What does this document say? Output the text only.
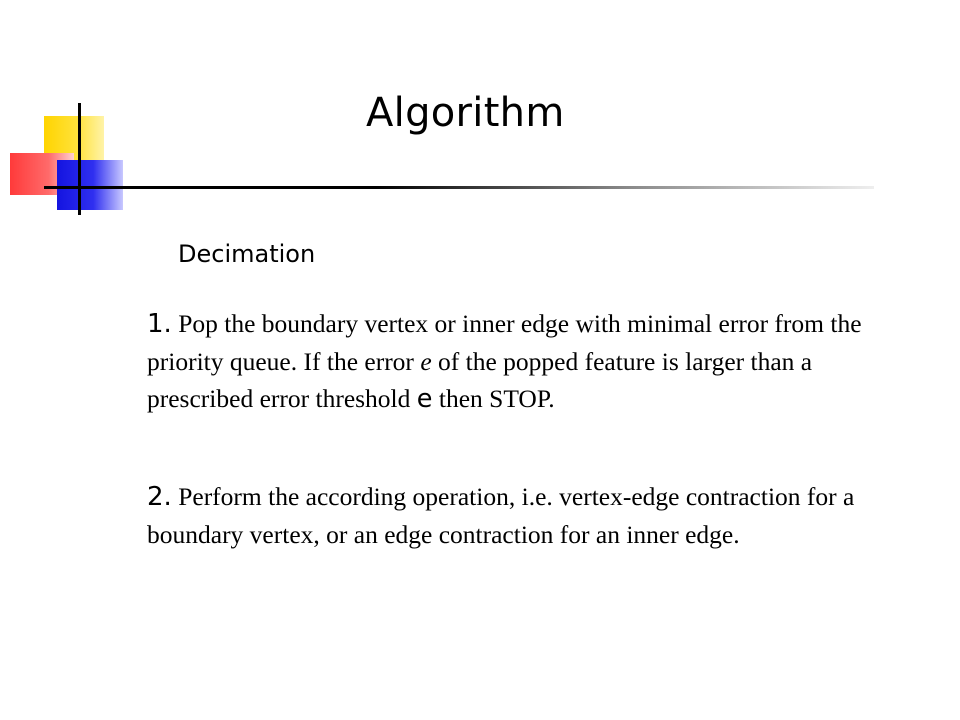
Algorithm
Decimation
1. Pop the boundary vertex or inner edge with minimal error from the priority queue. If the error e of the popped feature is larger than a prescribed error threshold e then STOP.
2. Perform the according operation, i.e. vertex-edge contraction for a boundary vertex, or an edge contraction for an inner edge.
